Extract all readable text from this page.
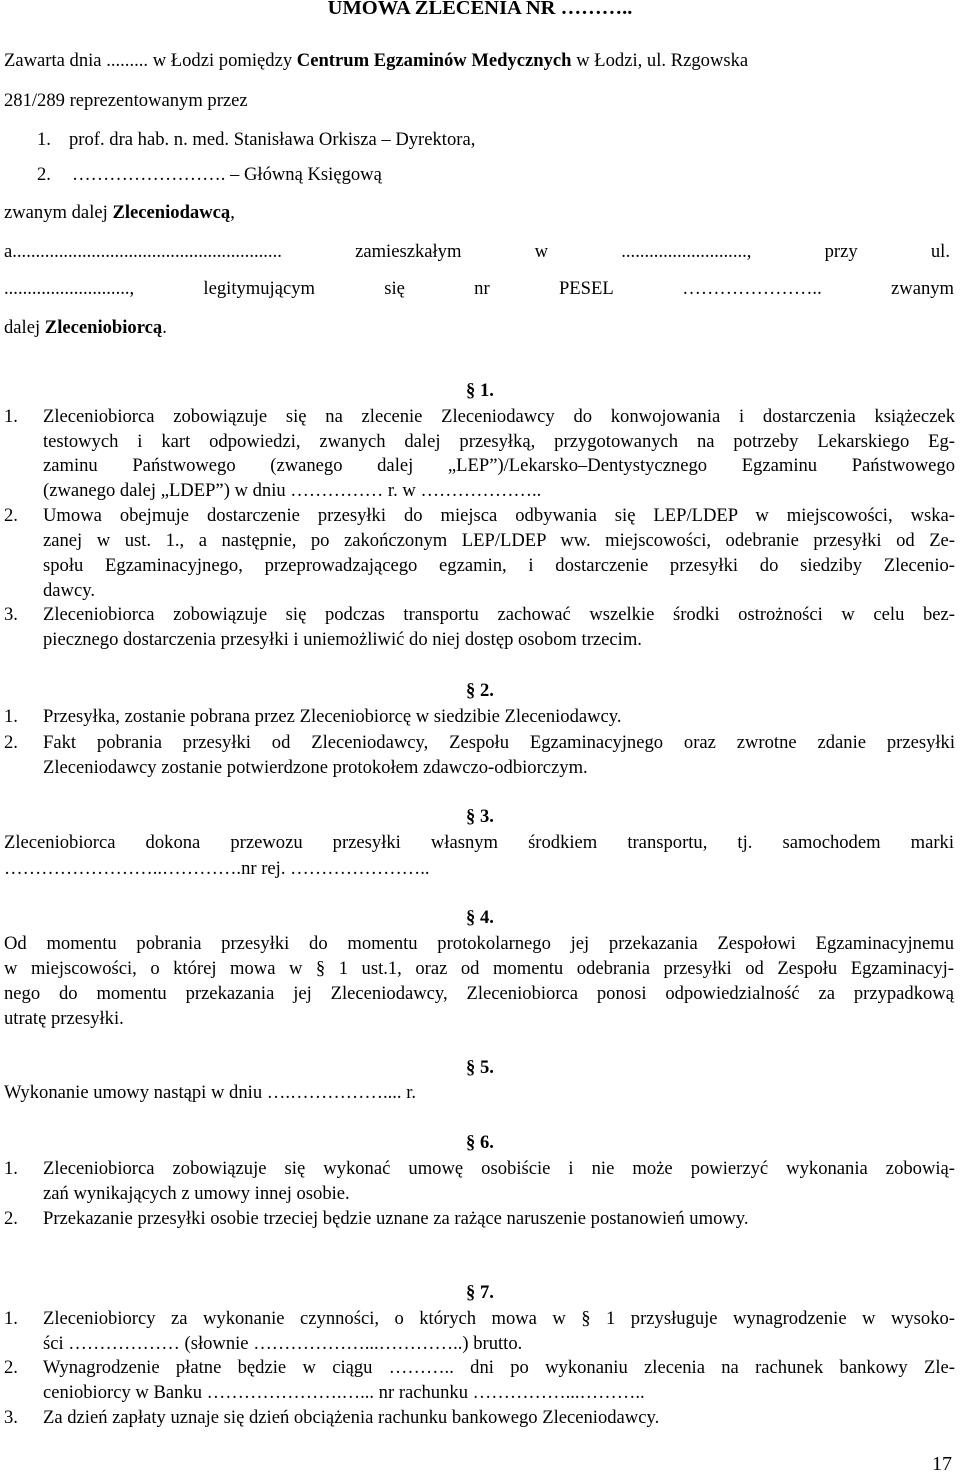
UMOWA ZLECENIA NR ………..
Zawarta dnia ......... w Łodzi pomiędzy Centrum Egzaminów Medycznych w Łodzi, ul. Rzgowska
281/289 reprezentowanym przez
1. prof. dra hab. n. med. Stanisława Orkisza – Dyrektora,
2. ……………………. – Główną Księgową
zwanym dalej Zleceniodawcą,
a.......................................................... zamieszkałym w ..........................., przy ul.
..........................., legitymującym się nr PESEL ………………….. zwanym
dalej Zleceniobiorcą.
§ 1.
1. Zleceniobiorca zobowiązuje się na zlecenie Zleceniodawcy do konwojowania i dostarczenia książeczek
testowych i kart odpowiedzi, zwanych dalej przesyłką, przygotowanych na potrzeby Lekarskiego Eg-
zaminu Państwowego (zwanego dalej „LEP”)/Lekarsko–Dentystycznego Egzaminu Państwowego
(zwanego dalej „LDEP”) w dniu …………… r. w ………………..
2. Umowa obejmuje dostarczenie przesyłki do miejsca odbywania się LEP/LDEP w miejscowości, wska-
zanej w ust. 1., a następnie, po zakończonym LEP/LDEP ww. miejscowości, odebranie przesyłki od Ze-
społu Egzaminacyjnego, przeprowadzającego egzamin, i dostarczenie przesyłki do siedziby Zlecenio-
dawcy.
3. Zleceniobiorca zobowiązuje się podczas transportu zachować wszelkie środki ostrożności w celu bez-
piecznego dostarczenia przesyłki i uniemożliwić do niej dostęp osobom trzecim.
§ 2.
1. Przesyłka, zostanie pobrana przez Zleceniobiorcę w siedzibie Zleceniodawcy.
2. Fakt pobrania przesyłki od Zleceniodawcy, Zespołu Egzaminacyjnego oraz zwrotne zdanie przesyłki
Zleceniodawcy zostanie potwierdzone protokołem zdawczo-odbiorczym.
§ 3.
Zleceniobiorca dokona przewozu przesyłki własnym środkiem transportu, tj. samochodem marki
……………………..………….nr rej. …………………..
§ 4.
Od momentu pobrania przesyłki do momentu protokolarnego jej przekazania Zespołowi Egzaminacyjnemu
w miejscowości, o której mowa w § 1 ust.1, oraz od momentu odebrania przesyłki od Zespołu Egzaminacyj-
nego do momentu przekazania jej Zleceniodawcy, Zleceniobiorca ponosi odpowiedzialność za przypadkową
utratę przesyłki.
§ 5.
Wykonanie umowy nastąpi w dniu ….…………….... r.
§ 6.
1. Zleceniobiorca zobowiązuje się wykonać umowę osobiście i nie może powierzyć wykonania zobowią-
zań wynikających z umowy innej osobie.
2. Przekazanie przesyłki osobie trzeciej będzie uznane za rażące naruszenie postanowień umowy.
§ 7.
1. Zleceniobiorcy za wykonanie czynności, o których mowa w § 1 przysługuje wynagrodzenie w wysoko-
ści ……………… (słownie ………………...…………..) brutto.
2. Wynagrodzenie płatne będzie w ciągu ……….. dni po wykonaniu zlecenia na rachunek bankowy Zle-
ceniobiorcy w Banku ………………….…... nr rachunku ……………...………..
3. Za dzień zapłaty uznaje się dzień obciążenia rachunku bankowego Zleceniodawcy.
17
